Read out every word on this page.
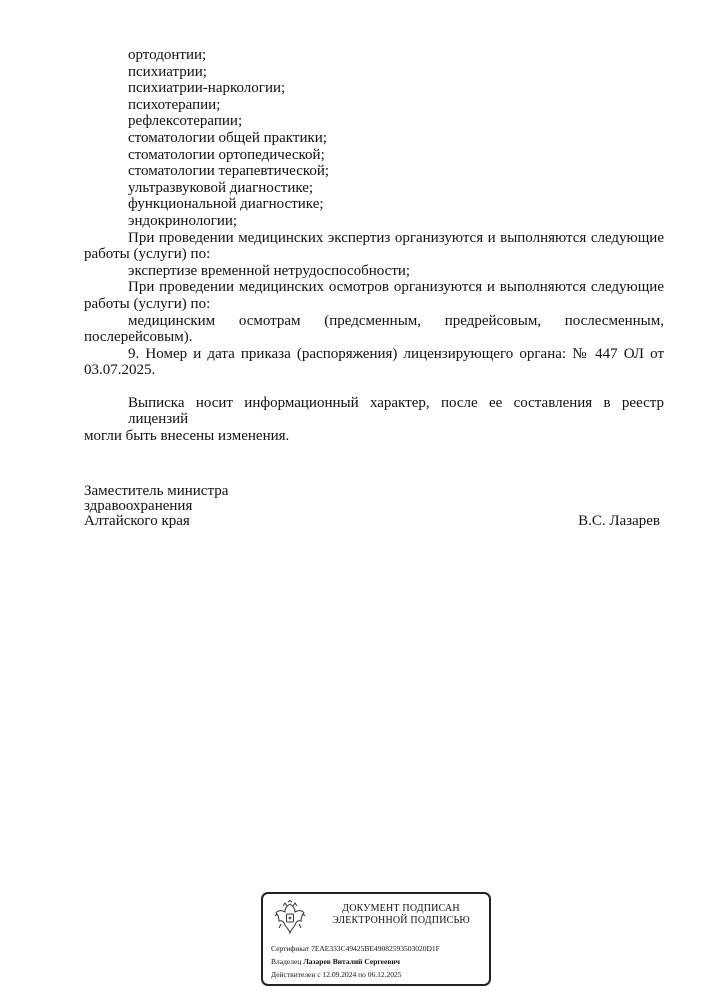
ортодонтии;
психиатрии;
психиатрии-наркологии;
психотерапии;
рефлексотерапии;
стоматологии общей практики;
стоматологии ортопедической;
стоматологии терапевтической;
ультразвуковой диагностике;
функциональной диагностике;
эндокринологии;
При проведении медицинских экспертиз организуются и выполняются следующие
работы (услуги) по:
экспертизе временной нетрудоспособности;
При проведении медицинских осмотров организуются и выполняются следующие
работы (услуги) по:
медицинским осмотрам (предсменным, предрейсовым, послесменным,
послерейсовым).
9. Номер и дата приказа (распоряжения) лицензирующего органа: № 447 ОЛ от
03.07.2025.
Выписка носит информационный характер, после ее составления в реестр лицензий
могли быть внесены изменения.
Заместитель министра
здравоохранения
Алтайского края	В.С. Лазарев
ДОКУМЕНТ ПОДПИСАН
ЭЛЕКТРОННОЙ ПОДПИСЬЮ
Сертификат 7EAE333C49425BE49082593503020D1F
Владелец Лазарев Виталий Сергеевич
Действителен с 12.09.2024 по 06.12.2025
